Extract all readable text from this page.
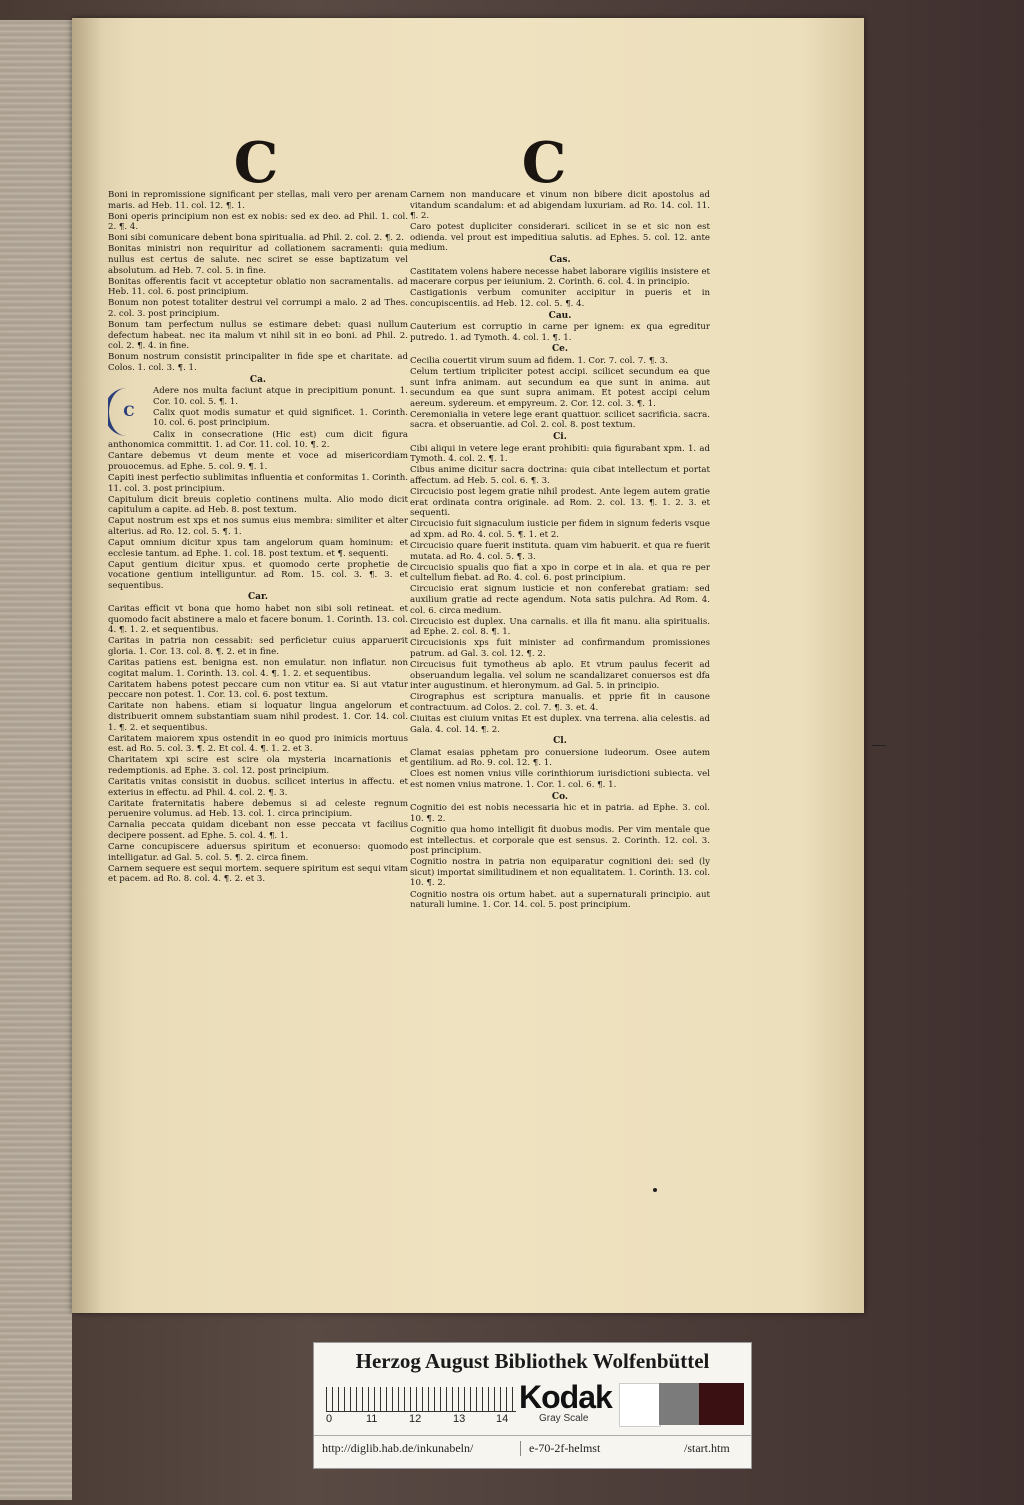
C	C

Boni in repromissione significant per stellas, mali vero per arenam maris. ad Heb. 11. col. 12. ¶. 1.

Boni operis principium non est ex nobis: sed ex deo. ad Phil. 1. col. 2. ¶. 4.

Boni sibi comunicare debent bona spiritualia. ad Phil. 2. col. 2. ¶. 2.

Bonitas ministri non requiritur ad collationem sacramenti: quia nullus est certus de salute. nec sciret se esse baptizatum vel absolutum. ad Heb. 7. col. 5. in fine.

Bonitas offerentis facit vt acceptetur oblatio non sacramentalis. ad Heb. 11. col. 6. post principium.

Bonum non potest totaliter destrui vel corrumpi a malo. 2 ad Thes. 2. col. 3. post principium.

Bonum tam perfectum nullus se estimare debet: quasi nullum defectum habeat. nec ita malum vt nihil sit in eo boni. ad Phil. 2. col. 2. ¶. 4. in fine.

Bonum nostrum consistit principaliter in fide spe et charitate. ad Colos. 1. col. 3. ¶. 1.

Ca.
C

Adere nos multa faciunt atque in precipitium ponunt. 1. Cor. 10. col. 5. ¶. 1.

Calix quot modis sumatur et quid significet. 1. Corinth. 10. col. 6. post principium.

Calix in consecratione (Hic est) cum dicit figura anthonomica committit. 1. ad Cor. 11. col. 10. ¶. 2.

Cantare debemus vt deum mente et voce ad misericordiam prouocemus. ad Ephe. 5. col. 9. ¶. 1.

Capiti inest perfectio sublimitas influentia et conformitas 1. Corinth. 11. col. 3. post principium.

Capitulum dicit breuis copletio continens multa. Alio modo dicit capitulum a capite. ad Heb. 8. post textum.

Caput nostrum est xps et nos sumus eius membra: similiter et alter alterius. ad Ro. 12. col. 5. ¶. 1.

Caput omnium dicitur xpus tam angelorum quam hominum: et ecclesie tantum. ad Ephe. 1. col. 18. post textum. et ¶. sequenti.

Caput gentium dicitur xpus. et quomodo certe prophetie de vocatione gentium intelliguntur. ad Rom. 15. col. 3. ¶. 3. et sequentibus.

Car.

Caritas efficit vt bona que homo habet non sibi soli retineat. et quomodo facit abstinere a malo et facere bonum. 1. Corinth. 13. col. 4. ¶. 1. 2. et sequentibus.

Caritas in patria non cessabit: sed perficietur cuius apparuerit gloria. 1. Cor. 13. col. 8. ¶. 2. et in fine.

Caritas patiens est. benigna est. non emulatur. non inflatur. non cogitat malum. 1. Corinth. 13. col. 4. ¶. 1. 2. et sequentibus.

Caritatem habens potest peccare cum non vtitur ea. Si aut vtatur peccare non potest. 1. Cor. 13. col. 6. post textum.

Caritate non habens. etiam si loquatur lingua angelorum et distribuerit omnem substantiam suam nihil prodest. 1. Cor. 14. col. 1. ¶. 2. et sequentibus.

Caritatem maiorem xpus ostendit in eo quod pro inimicis mortuus est. ad Ro. 5. col. 3. ¶. 2. Et col. 4. ¶. 1. 2. et 3.

Charitatem xpi scire est scire ola mysteria incarnationis et redemptionis. ad Ephe. 3. col. 12. post principium.

Caritatis vnitas consistit in duobus. scilicet interius in affectu. et exterius in effectu. ad Phil. 4. col. 2. ¶. 3.

Caritate fraternitatis habere debemus si ad celeste regnum peruenire volumus. ad Heb. 13. col. 1. circa principium.

Carnalia peccata quidam dicebant non esse peccata vt facilius decipere possent. ad Ephe. 5. col. 4. ¶. 1.

Carne concupiscere aduersus spiritum et econuerso: quomodo intelligatur. ad Gal. 5. col. 5. ¶. 2. circa finem.

Carnem sequere est sequi mortem. sequere spiritum est sequi vitam et pacem. ad Ro. 8. col. 4. ¶. 2. et 3.

Carnem non manducare et vinum non bibere dicit apostolus ad vitandum scandalum: et ad abigendam luxuriam. ad Ro. 14. col. 11. ¶. 2.

Caro potest dupliciter considerari. scilicet in se et sic non est odienda. vel prout est impeditiua salutis. ad Ephes. 5. col. 12. ante medium.

Cas.

Castitatem volens habere necesse habet laborare vigiliis insistere et macerare corpus per ieiunium. 2. Corinth. 6. col. 4. in principio.

Castigationis verbum comuniter accipitur in pueris et in concupiscentiis. ad Heb. 12. col. 5. ¶. 4.

Cau.

Cauterium est corruptio in carne per ignem: ex qua egreditur putredo. 1. ad Tymoth. 4. col. 1. ¶. 1.

Ce.

Cecilia couertit virum suum ad fidem. 1. Cor. 7. col. 7. ¶. 3.

Celum tertium tripliciter potest accipi. scilicet secundum ea que sunt infra animam. aut secundum ea que sunt in anima. aut secundum ea que sunt supra animam. Et potest accipi celum aereum. sydereum. et empyreum. 2. Cor. 12. col. 3. ¶. 1.

Ceremonialia in vetere lege erant quattuor. scilicet sacrificia. sacra. sacra. et obseruantie. ad Col. 2. col. 8. post textum.

Ci.

Cibi aliqui in vetere lege erant prohibiti: quia figurabant xpm. 1. ad Tymoth. 4. col. 2. ¶. 1.

Cibus anime dicitur sacra doctrina: quia cibat intellectum et portat affectum. ad Heb. 5. col. 6. ¶. 3.

Circucisio post legem gratie nihil prodest. Ante legem autem gratie erat ordinata contra originale. ad Rom. 2. col. 13. ¶. 1. 2. 3. et sequenti.

Circucisio fuit signaculum iusticie per fidem in signum federis vsque ad xpm. ad Ro. 4. col. 5. ¶. 1. et 2.

Circucisio quare fuerit instituta. quam vim habuerit. et qua re fuerit mutata. ad Ro. 4. col. 5. ¶. 3.

Circucisio spualis quo fiat a xpo in corpe et in ala. et qua re per cultellum fiebat. ad Ro. 4. col. 6. post principium.

Circucisio erat signum iusticie et non conferebat gratiam: sed auxilium gratie ad recte agendum. Nota satis pulchra. Ad Rom. 4. col. 6. circa medium.

Circucisio est duplex. Una carnalis. et illa fit manu. alia spiritualis. ad Ephe. 2. col. 8. ¶. 1.

Circucisionis xps fuit minister ad confirmandum promissiones patrum. ad Gal. 3. col. 12. ¶. 2.

Circucisus fuit tymotheus ab aplo. Et vtrum paulus fecerit ad obseruandum legalia. vel solum ne scandalizaret conuersos est dfa inter augustinum. et hieronymum. ad Gal. 5. in principio.

Cirographus est scriptura manualis. et pprie fit in causone contractuum. ad Colos. 2. col. 7. ¶. 3. et. 4.

Ciuitas est ciuium vnitas Et est duplex. vna terrena. alia celestis. ad Gala. 4. col. 14. ¶. 2.

Cl.

Clamat esaias pphetam pro conuersione iudeorum. Osee autem gentilium. ad Ro. 9. col. 12. ¶. 1.

Cloes est nomen vnius ville corinthiorum iurisdictioni subiecta. vel est nomen vnius matrone. 1. Cor. 1. col. 6. ¶. 1.

Co.

Cognitio dei est nobis necessaria hic et in patria. ad Ephe. 3. col. 10. ¶. 2.

Cognitio qua homo intelligit fit duobus modis. Per vim mentale que est intellectus. et corporale que est sensus. 2. Corinth. 12. col. 3. post principium.

Cognitio nostra in patria non equiparatur cognitioni dei: sed (ly sicut) importat similitudinem et non equalitatem. 1. Corinth. 13. col. 10. ¶. 2.

Cognitio nostra ois ortum habet. aut a supernaturali principio. aut naturali lumine. 1. Cor. 14. col. 5. post principium.

Herzog August Bibliothek Wolfenbüttel
0	11	12	13	14
Kodak
Gray Scale
http://diglib.hab.de/inkunabeln/	e-70-2f-helmst	/start.htm
